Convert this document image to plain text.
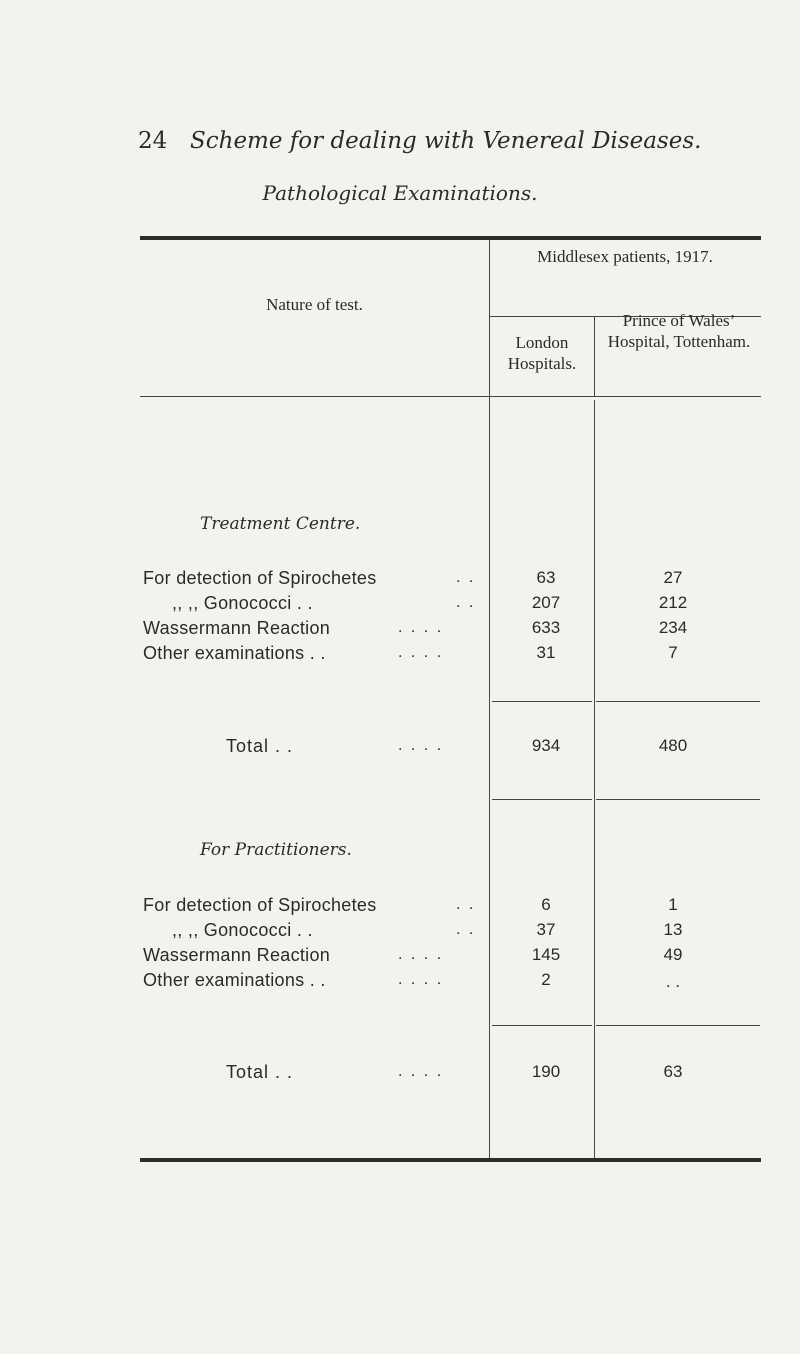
24 Scheme for dealing with Venereal Diseases.
Pathological Examinations.
Nature of test.
Middlesex patients, 1917.
London Hospitals.
Prince of Wales’ Hospital, Tottenham.
Treatment Centre.
For detection of Spirochetes	. .	63	27
,, ,, Gonococci . .	. .	207	212
Wassermann Reaction	. . . .	633	234
Other examinations . .	. . . .	31	7
Total . .	. . . .	934	480
For Practitioners.
For detection of Spirochetes	. .	6	1
,, ,, Gonococci . .	. .	37	13
Wassermann Reaction	. . . .	145	49
Other examinations . .	. . . .	2	. .
Total . .	. . . .	190	63
